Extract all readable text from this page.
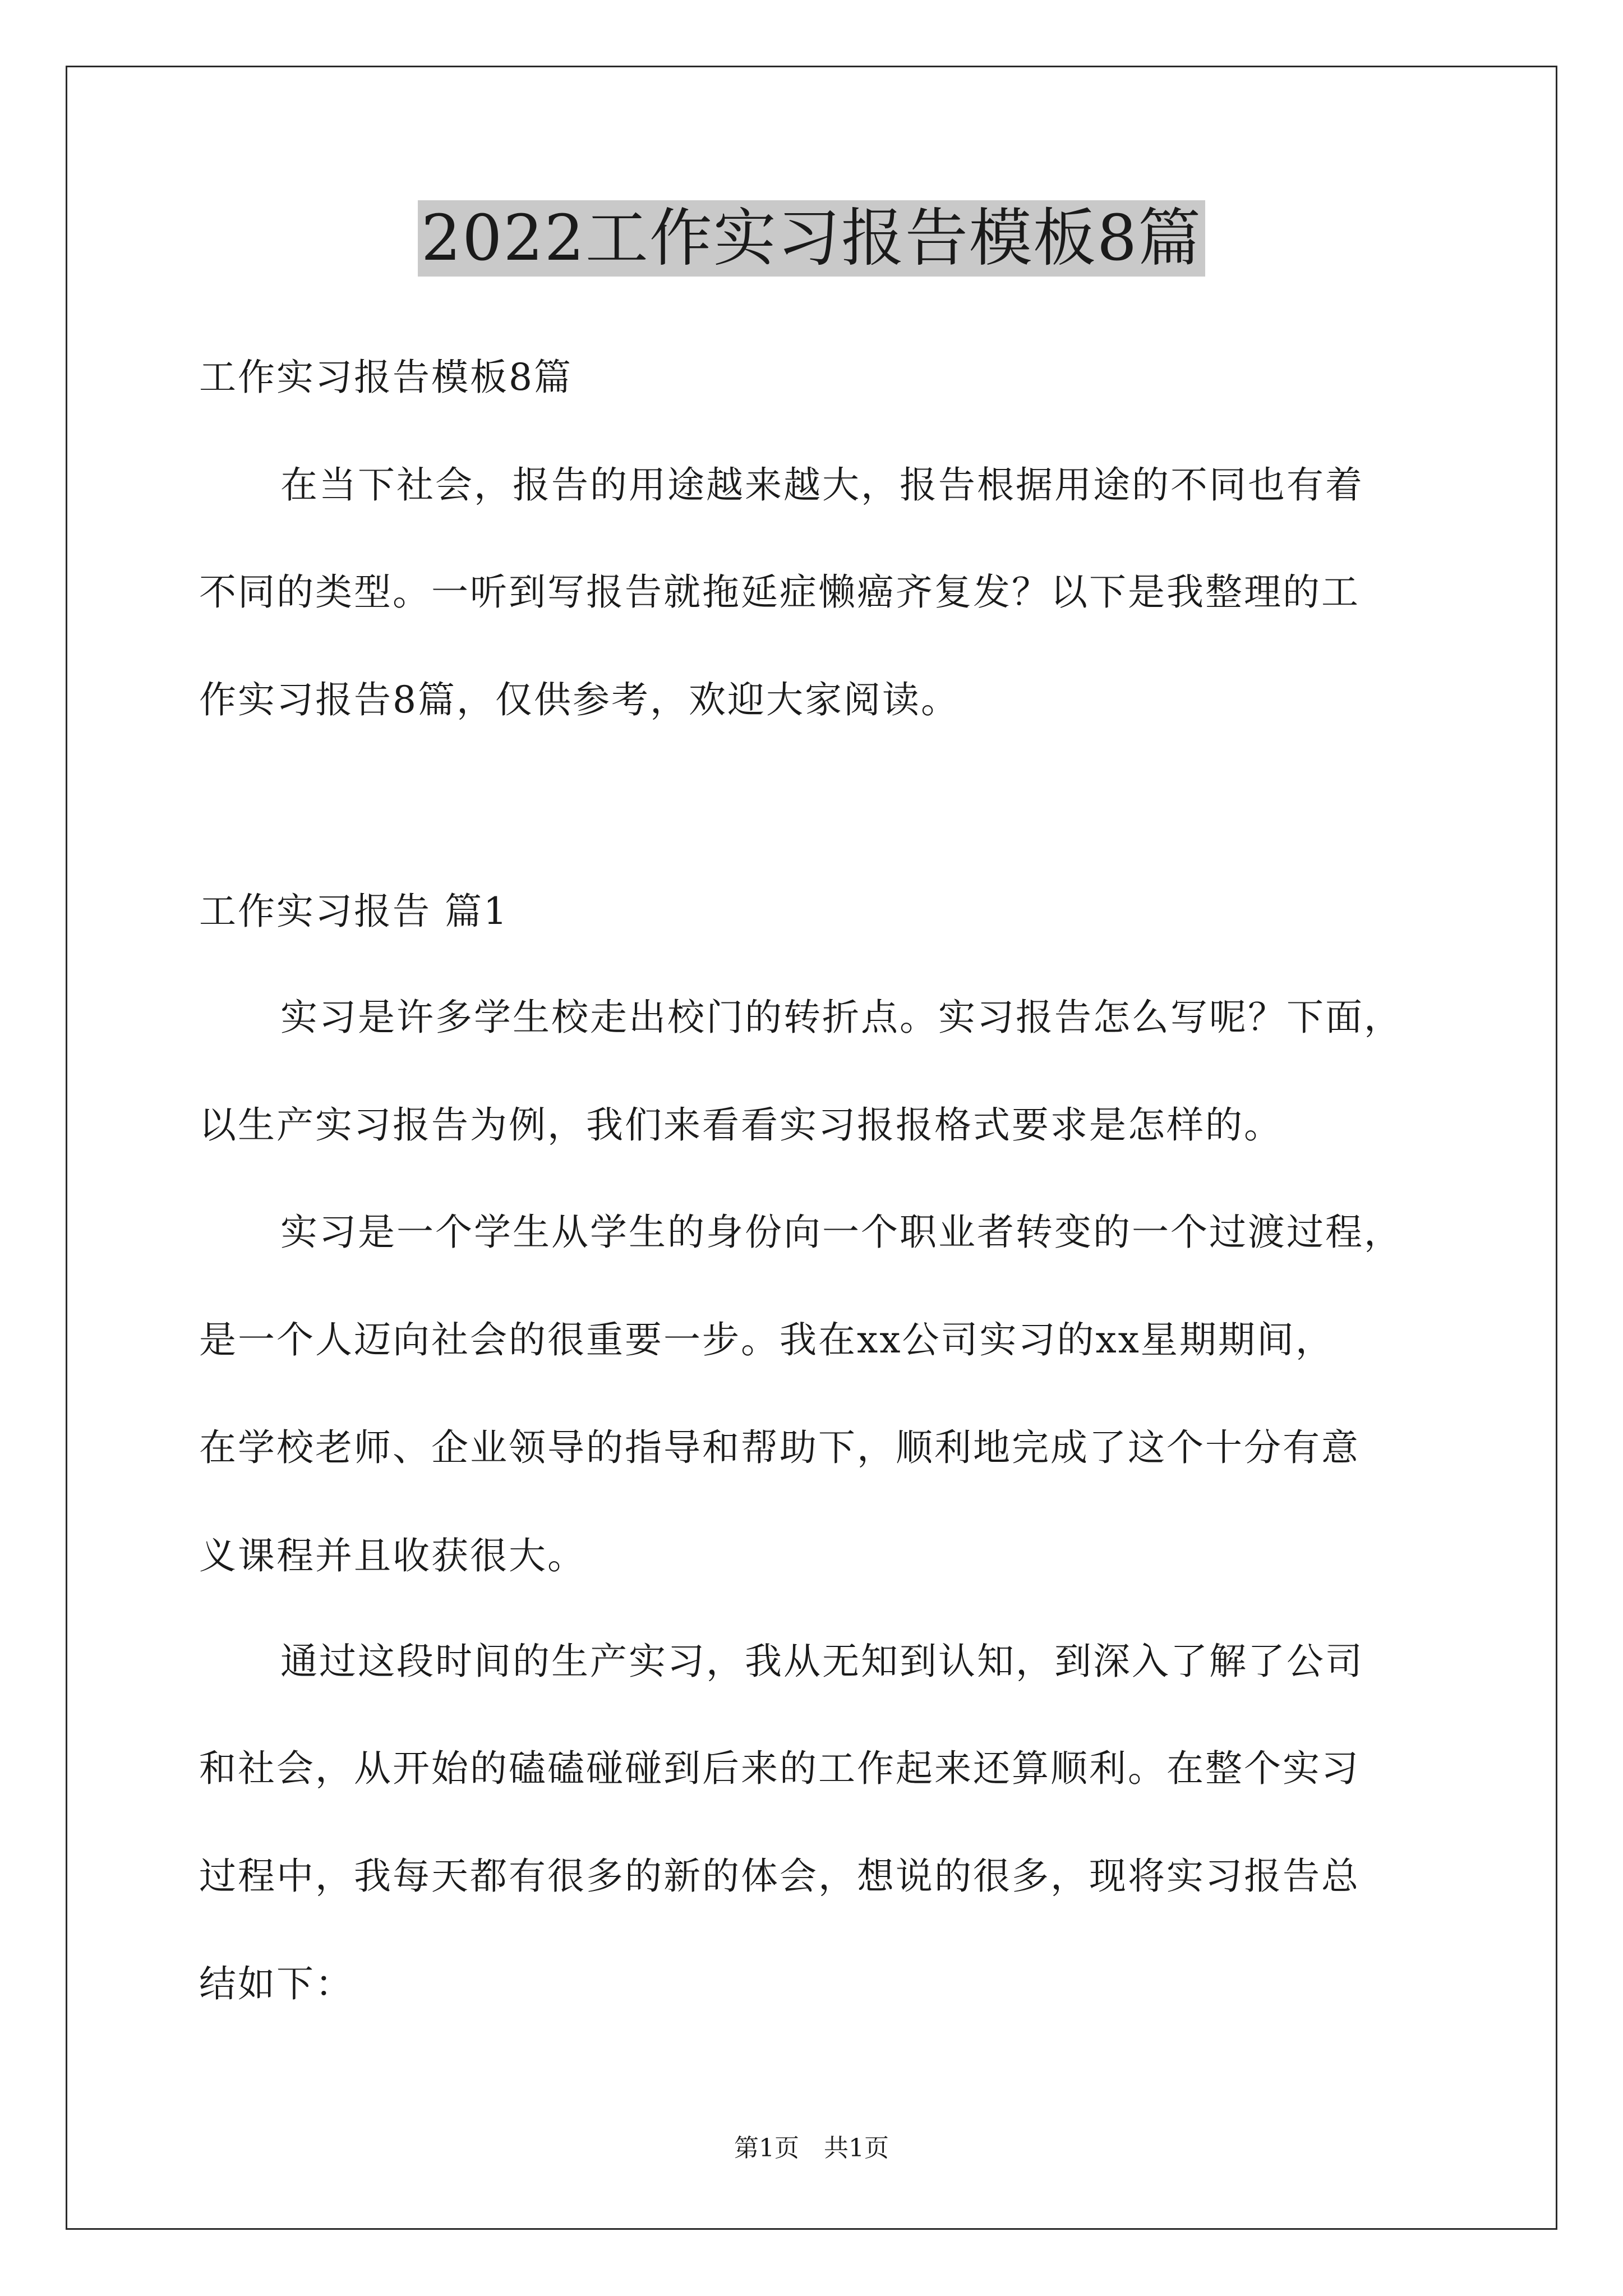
2022工作实习报告模板8篇
工作实习报告模板8篇
在当下社会，报告的用途越来越大，报告根据用途的不同也有着
不同的类型。一听到写报告就拖延症懒癌齐复发？以下是我整理的工
作实习报告8篇，仅供参考，欢迎大家阅读。
工作实习报告 篇1
实习是许多学生校走出校门的转折点。实习报告怎么写呢？下面，
以生产实习报告为例，我们来看看实习报报格式要求是怎样的。
实习是一个学生从学生的身份向一个职业者转变的一个过渡过程，
是一个人迈向社会的很重要一步。我在xx公司实习的xx星期期间，
在学校老师、企业领导的指导和帮助下，顺利地完成了这个十分有意
义课程并且收获很大。
通过这段时间的生产实习，我从无知到认知，到深入了解了公司
和社会，从开始的磕磕碰碰到后来的工作起来还算顺利。在整个实习
过程中，我每天都有很多的新的体会，想说的很多，现将实习报告总
结如下：
第1页　共1页
